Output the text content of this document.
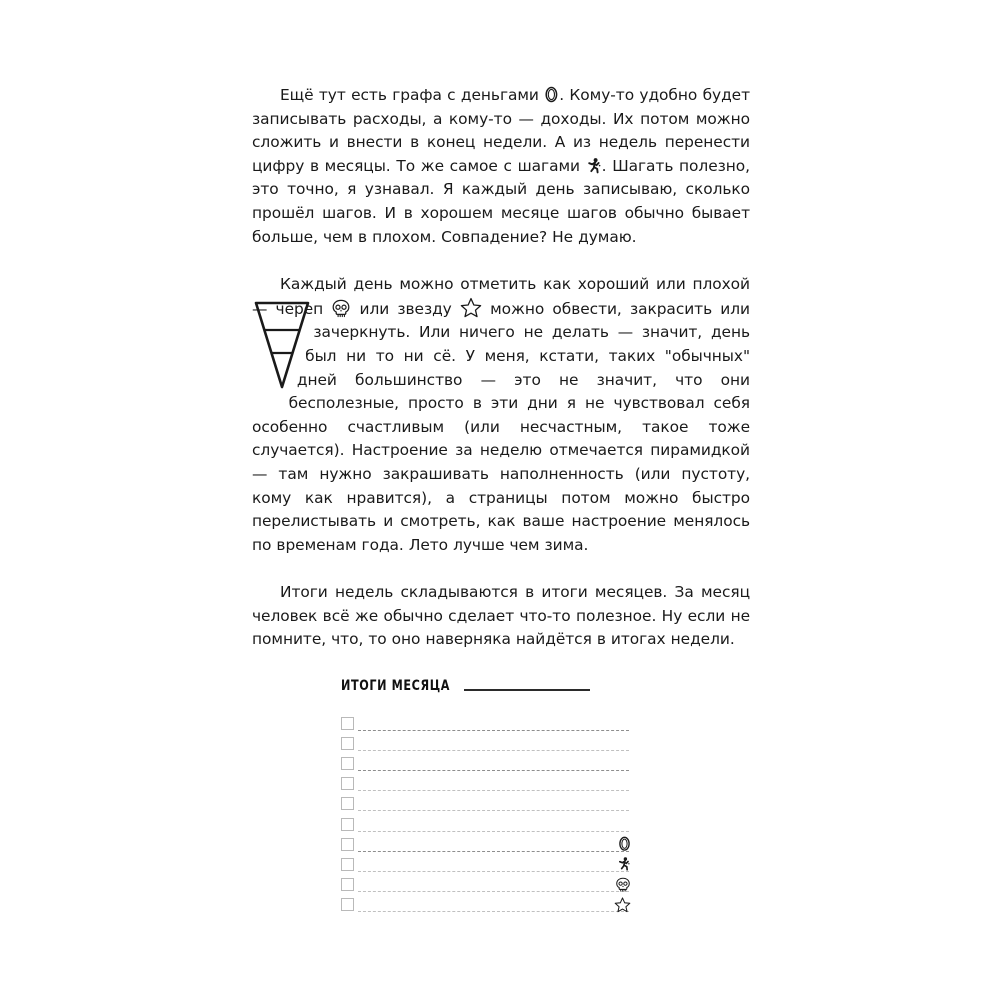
Ещё тут есть графа с деньгами
. Кому-то удобно будет записывать расходы, а кому-то — доходы. Их потом можно сложить и внести в конец недели. А из недель перенести цифру в месяцы. То же самое с шагами
. Шагать полезно, это точно, я узнавал. Я каждый день записываю, сколько прошёл шагов. И в хорошем месяце шагов обычно бывает больше, чем в плохом. Совпадение? Не думаю.

Каждый день можно отметить как хороший или плохой — череп
или звезду
можно обвести, закрасить или зачеркнуть. Или ничего не делать — значит, день был ни то ни сё. У меня, кстати, таких "обычных" дней большинство — это не значит, что они бесполезные, просто в эти дни я не чувствовал себя особенно счастливым (или несчастным, такое тоже случается). Настроение за неделю отмечается пирамидкой — там нужно закрашивать наполненность (или пустоту, кому как нравится), а страницы потом можно быстро перелистывать и смотреть, как ваше настроение менялось по временам года. Лето лучше чем зима.

Итоги недель складываются в итоги месяцев. За месяц человек всё же обычно сделает что-то полезное. Ну если не помните, что, то оно наверняка найдётся в итогах недели.

ИТОГИ МЕСЯЦА
